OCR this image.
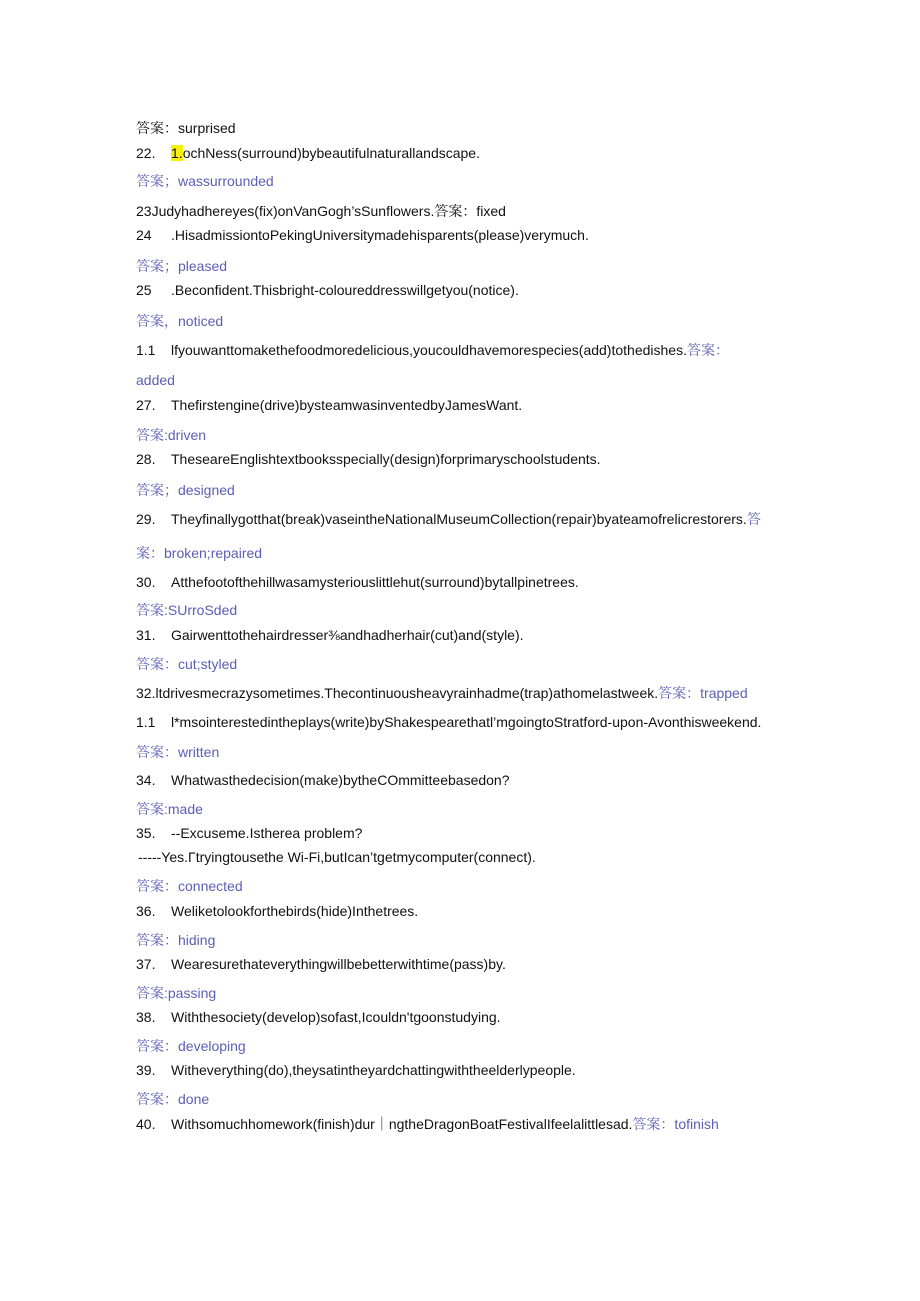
答案：surprised
22. 1.ochNess(surround)bybeautifulnaturallandscape.
答案；wassurrounded
23Judyhadhereyes(fix)onVanGogh’sSunflowers.答案：fixed
24 .HisadmissiontoPekingUniversitymadehisparents(please)verymuch.
答案；pleased
25 .Beconfident.Thisbright-coloureddresswillgetyou(notice).
答案，noticed
1.1 lfyouwanttomakethefoodmoredelicious,youcouldhavemorespecies(add)tothedishes.答案：
added
27. Thefirstengine(drive)bysteamwasinventedbyJamesWant.
答案:driven
28. TheseareEnglishtextbooksspecially(design)forprimaryschoolstudents.
答案；designed
29. Theyfinallygotthat(break)vaseintheNationalMuseumCollection(repair)byateamofrelicrestorers.答
案：broken;repaired
30. Atthefootofthehillwasamysteriouslittlehut(surround)bytallpinetrees.
答案:SUrroSded
31. Gairwenttothehairdresser⅜andhadherhair(cut)and(style).
答案：cut;styled
32.ltdrivesmecrazysometimes.Thecontinuousheavyrainhadme(trap)athomelastweek.答案：trapped
1.1 l*msointerestedintheplays(write)byShakespearethatl’mgoingtoStratford-upon-Avonthisweekend.
答案：written
34. Whatwasthedecision(make)bytheCOmmitteebasedon?
答案:made
35. --Excuseme.Istherea problem?
-----Yes.Γtryingtousethe Wi-Fi,butIcan’tgetmycomputer(connect).
答案：connected
36. Weliketolookforthebirds(hide)Inthetrees.
答案：hiding
37. Wearesurethateverythingwillbebetterwithtime(pass)by.
答案:passing
38. Withthesociety(develop)sofast,Icouldn'tgoonstudying.
答案：developing
39. Witheverything(do),theysatintheyardchattingwiththeelderlypeople.
答案：done
40. Withsomuchhomework(finish)dur｜ngtheDragonBoatFestivalIfeelalittlesad.答案：tofinish
